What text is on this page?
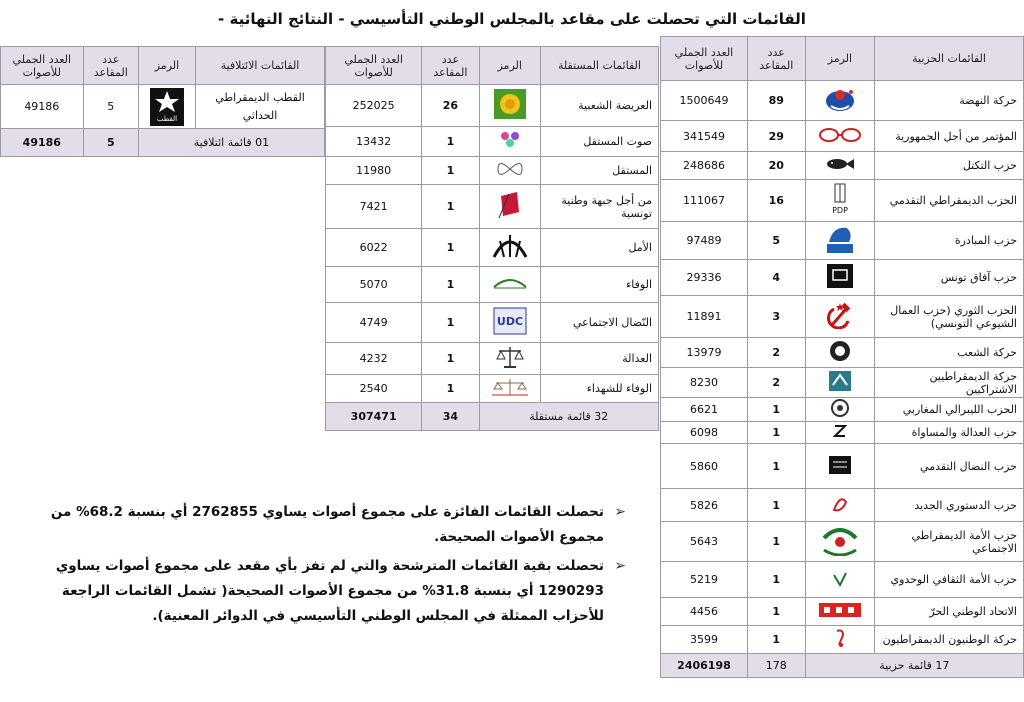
القائمات التي تحصلت على مقاعد بالمجلس الوطني التأسيسي - النتائج النهائية -
القائمات الحزبية	الرمز	عدد المقاعد	العدد الجملي للأصوات
حركة النهضة		89	1500649
المؤتمر من أجل الجمهورية		29	341549
حزب التكتل		20	248686
الحزب الديمقراطي التقدمي	PDP	16	111067
حزب المبادرة		5	97489
حزب آفاق تونس		4	29336
الحزب الثوري (حزب العمال الشيوعي التونسي)		3	11891
حركة الشعب		2	13979
حركة الديمقراطيين الاشتراكيين		2	8230
الحزب الليبرالي المغاربي		1	6621
حزب العدالة والمساواة		1	6098
حزب النضال التقدمي		1	5860
حزب الدستوري الجديد		1	5826
حزب الأمة الديمقراطي الاجتماعي		1	5643
حزب الأمة الثقافي الوحدوي		1	5219
الاتحاد الوطني الحرّ		1	4456
حركة الوطنيون الديمقراطيون		1	3599
17 قائمة حزبية		178	2406198
القائمات المستقلة	الرمز	عدد المقاعد	العدد الجملي للأصوات
العريضة الشعبية		26	252025
صوت المستقل		1	13432
المستقل		1	11980
من أجل جبهة وطنية تونسية		1	7421
الأمل		1	6022
الوفاء		1	5070
النّضال الاجتماعي	UDC	1	4749
العدالة		1	4232
الوفاء للشهداء		1	2540
32 قائمة مستقلة		34	307471
القائمات الائتلافية	الرمز	عدد المقاعد	العدد الجملي للأصوات
القطب الديمقراطي الحداثي	القطب	5	49186
01 قائمة ائتلافية		5	49186
➢
تحصلت القائمات الفائزة على مجموع أصوات يساوي 2762855 أي بنسبة 68.2% من مجموع الأصوات الصحيحة.
➢
تحصلت بقية القائمات المترشحة والتي لم تفز بأي مقعد على مجموع أصوات يساوي 1290293 أي بنسبة 31.8% من مجموع الأصوات الصحيحة( تشمل القائمات الراجعة للأحزاب الممثلة في المجلس الوطني التأسيسي في الدوائر المعنية).
